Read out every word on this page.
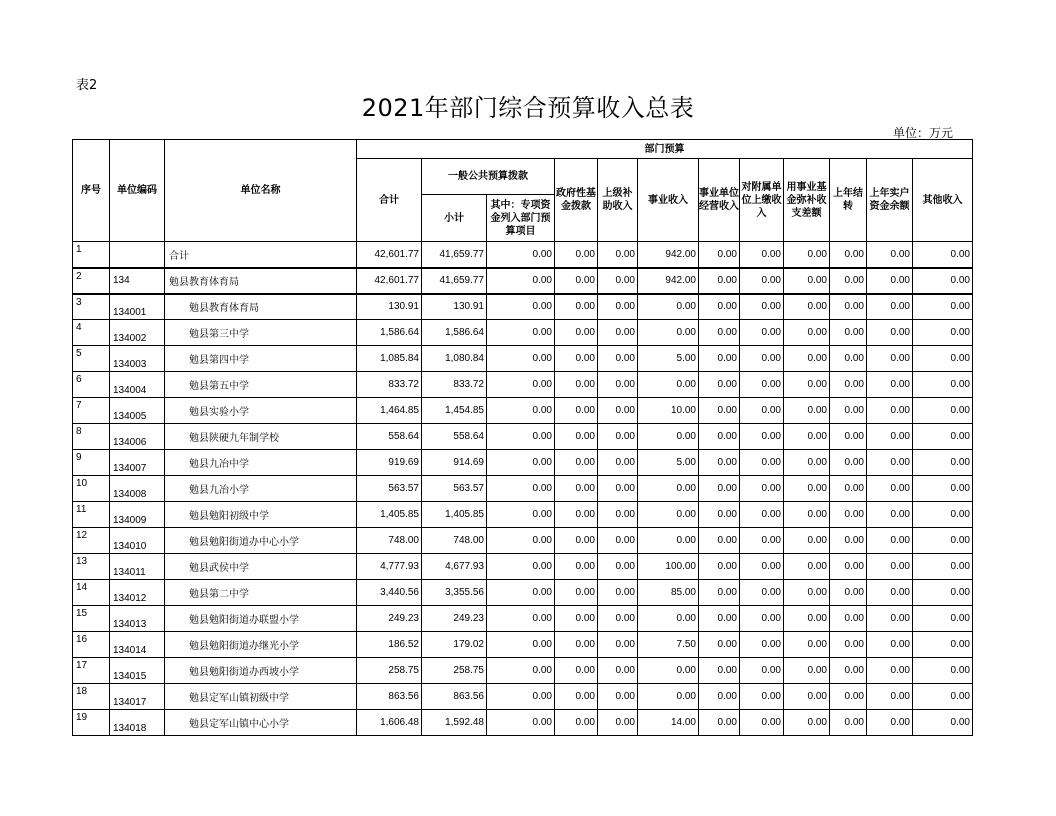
表2
2021年部门综合预算收入总表
单位：万元
序号	单位编码	单位名称	部门预算											
			合计	一般公共预算拨款		政府性基金拨款	上级补助收入	事业收入	事业单位经营收入	对附属单位上缴收入	用事业基金弥补收支差额	上年结转	上年实户资金余额	其他收入
				小计	其中：专项资金列入部门预算项目									
1		合计	42,601.77	41,659.77	0.00	0.00	0.00	942.00	0.00	0.00	0.00	0.00	0.00	0.00
2	134	勉县教育体育局	42,601.77	41,659.77	0.00	0.00	0.00	942.00	0.00	0.00	0.00	0.00	0.00	0.00
3	134001	勉县教育体育局	130.91	130.91	0.00	0.00	0.00	0.00	0.00	0.00	0.00	0.00	0.00	0.00
4	134002	勉县第三中学	1,586.64	1,586.64	0.00	0.00	0.00	0.00	0.00	0.00	0.00	0.00	0.00	0.00
5	134003	勉县第四中学	1,085.84	1,080.84	0.00	0.00	0.00	5.00	0.00	0.00	0.00	0.00	0.00	0.00
6	134004	勉县第五中学	833.72	833.72	0.00	0.00	0.00	0.00	0.00	0.00	0.00	0.00	0.00	0.00
7	134005	勉县实验小学	1,464.85	1,454.85	0.00	0.00	0.00	10.00	0.00	0.00	0.00	0.00	0.00	0.00
8	134006	勉县陕硬九年制学校	558.64	558.64	0.00	0.00	0.00	0.00	0.00	0.00	0.00	0.00	0.00	0.00
9	134007	勉县九冶中学	919.69	914.69	0.00	0.00	0.00	5.00	0.00	0.00	0.00	0.00	0.00	0.00
10	134008	勉县九冶小学	563.57	563.57	0.00	0.00	0.00	0.00	0.00	0.00	0.00	0.00	0.00	0.00
11	134009	勉县勉阳初级中学	1,405.85	1,405.85	0.00	0.00	0.00	0.00	0.00	0.00	0.00	0.00	0.00	0.00
12	134010	勉县勉阳街道办中心小学	748.00	748.00	0.00	0.00	0.00	0.00	0.00	0.00	0.00	0.00	0.00	0.00
13	134011	勉县武侯中学	4,777.93	4,677.93	0.00	0.00	0.00	100.00	0.00	0.00	0.00	0.00	0.00	0.00
14	134012	勉县第二中学	3,440.56	3,355.56	0.00	0.00	0.00	85.00	0.00	0.00	0.00	0.00	0.00	0.00
15	134013	勉县勉阳街道办联盟小学	249.23	249.23	0.00	0.00	0.00	0.00	0.00	0.00	0.00	0.00	0.00	0.00
16	134014	勉县勉阳街道办继光小学	186.52	179.02	0.00	0.00	0.00	7.50	0.00	0.00	0.00	0.00	0.00	0.00
17	134015	勉县勉阳街道办西坡小学	258.75	258.75	0.00	0.00	0.00	0.00	0.00	0.00	0.00	0.00	0.00	0.00
18	134017	勉县定军山镇初级中学	863.56	863.56	0.00	0.00	0.00	0.00	0.00	0.00	0.00	0.00	0.00	0.00
19	134018	勉县定军山镇中心小学	1,606.48	1,592.48	0.00	0.00	0.00	14.00	0.00	0.00	0.00	0.00	0.00	0.00
